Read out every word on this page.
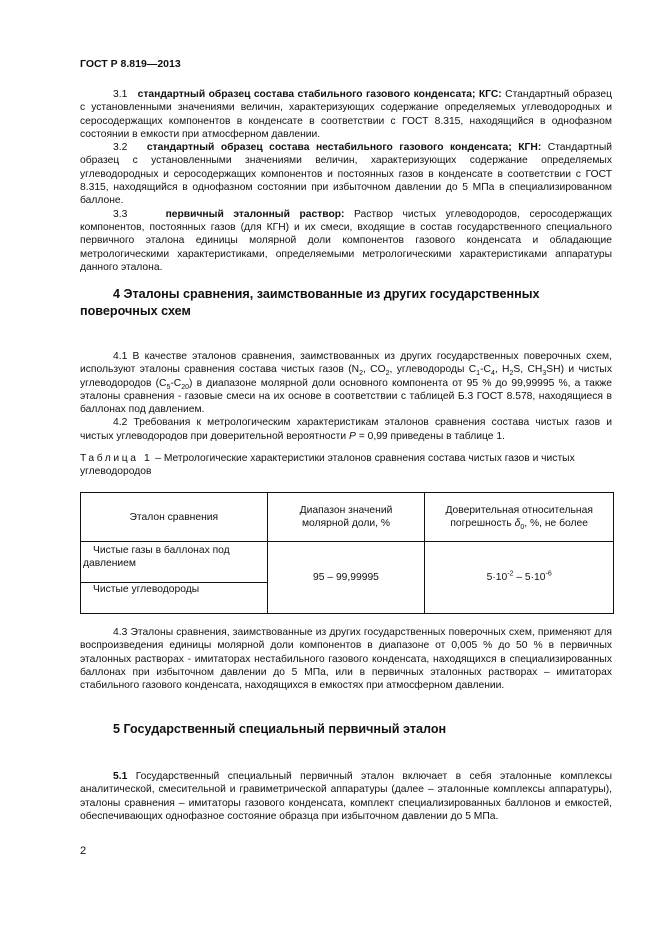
ГОСТ Р 8.819—2013

3.1 стандартный образец состава стабильного газового конденсата; КГС: Стандартный образец с установленными значениями величин, характеризующих содержание определяемых углеводородных и серосодержащих компонентов в конденсате в соответствии с ГОСТ 8.315, находящийся в однофазном состоянии в емкости при атмосферном давлении.

3.2 стандартный образец состава нестабильного газового конденсата; КГН: Стандартный образец с установленными значениями величин, характеризующих содержание определяемых углеводородных и серосодержащих компонентов и постоянных газов в конденсате в соответствии с ГОСТ 8.315, находящийся в однофазном состоянии при избыточном давлении до 5 МПа в специализированном баллоне.

3.3	первичный эталонный раствор: Раствор чистых углеводородов, серосодержащих компонентов, постоянных газов (для КГН) и их смеси, входящие в состав государственного специального первичного эталона единицы молярной доли компонентов газового конденсата и обладающие метрологическими характеристиками, определяемыми метрологическими характеристиками аппаратуры данного эталона.

4 Эталоны сравнения, заимствованные из других государственных поверочных схем

4.1 В качестве эталонов сравнения, заимствованных из других государственных поверочных схем, используют эталоны сравнения состава чистых газов ($N_2$, $CO_2$, углеводороды $С_1-С_4$, $H_2S$, $CH_3SH$) и чистых углеводородов $(С_5-С_{20})$ в диапазоне молярной доли основного компонента от 95 % до 99,99995 %, а также эталоны сравнения - газовые смеси на их основе в соответствии с таблицей Б.3 ГОСТ 8.578, находящиеся в баллонах под давлением.

4.2 Требования к метрологическим характеристикам эталонов сравнения состава чистых газов и чистых углеводородов при доверительной вероятности P = 0,99 приведены в таблице 1.

Таблица 1 – Метрологические характеристики эталонов сравнения состава чистых газов и чистых углеводородов
Эталон сравнения	Диапазон значений молярной доли, %	Доверительная относительная погрешность $\delta_0$, %, не более
Чистые газы в баллонах под давлением	95 – 99,99995	$5\cdot 10^{-2} - 5\cdot 10^{-6}$
Чистые углеводороды		

4.3 Эталоны сравнения, заимствованные из других государственных поверочных схем, применяют для воспроизведения единицы молярной доли компонентов в диапазоне от 0,005 % до 50 % в первичных эталонных растворах - имитаторах нестабильного газового конденсата, находящихся в специализированных баллонах при избыточном давлении до 5 МПа, или в первичных эталонных растворах – имитаторах стабильного газового конденсата, находящихся в емкостях при атмосферном давлении.

5 Государственный специальный первичный эталон

5.1 Государственный специальный первичный эталон включает в себя эталонные комплексы аналитической, смесительной и гравиметрической аппаратуры (далее – эталонные комплексы аппаратуры), эталоны сравнения – имитаторы газового конденсата, комплект специализированных баллонов и емкостей, обеспечивающих однофазное состояние образца при избыточном давлении до 5 МПа.

2
